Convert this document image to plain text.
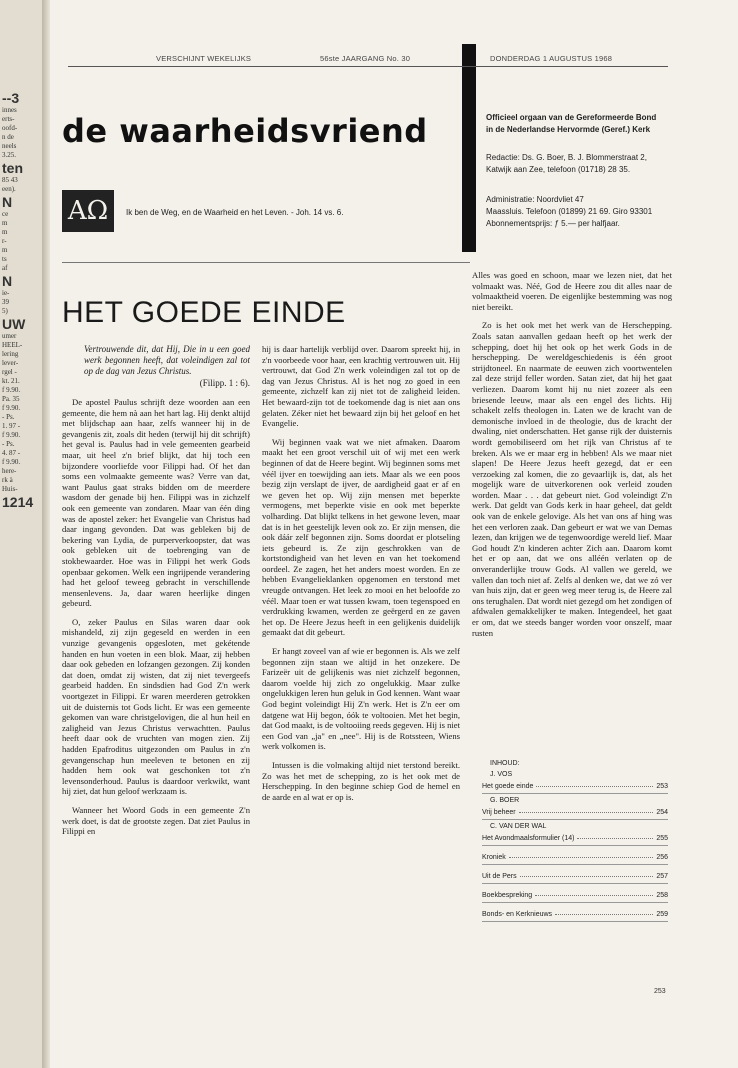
--3
innes
erts-
oofd-
n de
neels
3.25.
ten
85 43
een).
N
ce
m
m
r-
m
ts
af
N
ie-
39
5)
UW
umer
HEEL-
lering
lever-
rgel -
kt. 21.
f 9.90.
Pa. 35
f 9.90.
- Ps.
1. 97 -
f 9.90.
- Ps.
4. 87 -
f 9.90.
here-
rk à
Huis-
1214
VERSCHIJNT WEKELIJKS	56ste JAARGANG No. 30	DONDERDAG 1 AUGUSTUS 1968
de waarheidsvriend	Officieel orgaan van de Gereformeerde Bond
in de Nederlandse Hervormde (Geref.) Kerk
Redactie: Ds. G. Boer, B. J. Blommerstraat 2,
Katwijk aan Zee, telefoon (01718) 28 35.
Administratie: Noordvliet 47
Maassluis. Telefoon (01899) 21 69. Giro 93301
Abonnementsprijs: ƒ 5.— per halfjaar.
AΩ	Ik ben de Weg, en de Waarheid en het Leven. - Joh. 14 vs. 6.
HET GOEDE EINDE
Vertrouwende dit, dat Hij, Die in u een goed werk begonnen heeft, dat voleindigen zal tot op de dag van Jezus Christus.
(Filipp. 1 : 6).

De apostel Paulus schrijft deze woorden aan een gemeente, die hem nà aan het hart lag. Hij denkt altijd met blijdschap aan haar, zelfs wanneer hij in de gevangenis zit, zoals dit heden (terwijl hij dit schrijft) het geval is. Paulus had in vele gemeenten gearbeid maar, uit heel z'n brief blijkt, dat hij toch een bijzondere voorliefde voor Filippi had. Of het dan soms een volmaakte gemeente was? Verre van dat, want Paulus gaat straks bidden om de meerdere wasdom der genade bij hen. Filippi was in zichzelf ook een gemeente van zondaren. Maar van één ding was de apostel zeker: het Evangelie van Christus had daar ingang gevonden. Dat was gebleken bij de bekering van Lydia, de purperverkoopster, dat was ook gebleken uit de toebrenging van de stokbewaarder. Hoe was in Filippi het werk Gods openbaar gekomen. Welk een ingrijpende verandering had het geloof teweeg gebracht in verschillende mensenlevens. Ja, daar waren heerlijke dingen gebeurd.

O, zeker Paulus en Silas waren daar ook mishandeld, zij zijn gegeseld en werden in een vunzige gevangenis opgesloten, met gekétende handen en hun voeten in een blok. Maar, zij hebben daar ook gebeden en lofzangen gezongen. Zij konden dat doen, omdat zij wisten, dat zij niet tevergeefs gearbeid hadden. En sindsdien had God Z'n werk voortgezet in Filippi. Er waren meerderen getrokken uit de duisternis tot Gods licht. Er was een gemeente gekomen van ware christgelovigen, die al hun heil en zaligheid van Jezus Christus verwachtten. Paulus heeft daar ook de vruchten van mogen zien. Zij hadden Epafroditus uitgezonden om Paulus in z'n gevangenschap hun meeleven te betonen en zij hadden hem ook wat geschonken tot z'n levensonderhoud. Paulus is daardoor verkwikt, want hij ziet, dat hun geloof werkzaam is.

Wanneer het Woord Gods in een gemeente Z'n werk doet, is dat de grootste zegen. Dat ziet Paulus in Filippi en

hij is daar hartelijk verblijd over. Daarom spreekt hij, in z'n voorbeede voor haar, een krachtig vertrouwen uit. Hij vertrouwt, dat God Z'n werk voleindigen zal tot op de dag van Jezus Christus. Al is het nog zo goed in een gemeente, zichzelf kan zij niet tot de zaligheid leiden. Het bewaard-zijn tot de toekomende dag is niet aan ons gelaten. Zéker niet het bewaard zijn bij het geloof en het Evangelie.

Wij beginnen vaak wat we niet afmaken. Daarom maakt het een groot verschil uit of wij met een werk beginnen of dat de Heere begint. Wij beginnen soms met véél ijver en toewijding aan iets. Maar als we een poos bezig zijn verslapt de ijver, de aardigheid gaat er af en we geven het op. Wij zijn mensen met beperkte vermogens, met beperkte visie en ook met beperkte volharding. Dat blijkt telkens in het gewone leven, maar dat is in het geestelijk leven ook zo. Er zijn mensen, die ook dáár zelf begonnen zijn. Soms doordat er plotseling iets gebeurd is. Ze zijn geschrokken van de kortstondigheid van het leven en van het toekomend oordeel. Ze zagen, het het anders moest worden. En ze hebben Evangelieklanken opgenomen en terstond met vreugde ontvangen. Het leek zo mooi en het beloofde zo véél. Maar toen er wat tussen kwam, toen tegenspoed en verdrukking kwamen, werden ze geërgerd en ze gaven het op. De Heere Jezus heeft in een gelijkenis duidelijk gemaakt dat dit gebeurt.

Er hangt zoveel van af wie er begonnen is. Als we zelf begonnen zijn staan we altijd in het onzekere. De Farizeër uit de gelijkenis was niet zichzelf begonnen, daarom voelde hij zich zo ongelukkig. Maar zulke ongelukkigen leren hun geluk in God kennen. Want waar God begint voleindigt Hij Z'n werk. Het is Z'n eer om datgene wat Hij begon, óók te voltooien. Met het begin, dat God maakt, is de voltooiing reeds gegeven. Hij is niet een God van „ja" en „nee". Hij is de Rotssteen, Wiens werk volkomen is.

Intussen is die volmaking altijd niet terstond bereikt. Zo was het met de schepping, zo is het ook met de Herschepping. In den beginne schiep God de hemel en de aarde en al wat er op is.

Alles was goed en schoon, maar we lezen niet, dat het volmaakt was. Néé, God de Heere zou dit alles naar de volmaaktheid voeren. De eigenlijke bestemming was nog niet bereikt.

Zo is het ook met het werk van de Herschepping. Zoals satan aanvallen gedaan heeft op het werk der schepping, doet hij het ook op het werk Gods in de herschepping. De wereldgeschiedenis is één groot strijdtoneel. En naarmate de eeuwen zich voortwentelen zal deze strijd feller worden. Satan ziet, dat hij het gaat verliezen. Daarom komt hij nu niet zozeer als een briesende leeuw, maar als een engel des lichts. Hij schakelt zelfs theologen in. Laten we de kracht van de demonische invloed in de theologie, dus de kracht der dwaling, niet onderschatten. Het ganse rijk der duisternis wordt gemobiliseerd om het rijk van Christus af te breken. Als we er maar erg in hebben! Als we maar niet slapen! De Heere Jezus heeft gezegd, dat er een verzoeking zal komen, die zo gevaarlijk is, dat, als het mogelijk ware de uitverkorenen ook verleid zouden worden. Maar . . . dat gebeurt niet. God voleindigt Z'n werk. Dat geldt van Gods kerk in haar geheel, dat geldt ook van de enkele gelovige. Als het van ons af hing was het een verloren zaak. Dan gebeurt er wat we van Demas lezen, dan krijgen we de tegenwoordige wereld lief. Maar God houdt Z'n kinderen achter Zich aan. Daarom komt het er op aan, dat we ons alléén verlaten op de onveranderlijke trouw Gods. Al vallen we gereld, we vallen dan toch niet af. Zelfs al denken we, dat we zó ver van huis zijn, dat er geen weg meer terug is, de Heere zal ons terughalen. Dat wordt niet gezegd om het zondigen of afdwalen gemakkelijker te maken. Integendeel, het gaat er om, dat we steeds banger worden voor onszelf, maar rusten

INHOUD:
J. VOS
Het goede einde	253
G. BOER
Vrij beheer	254
C. VAN DER WAL
Het Avondmaalsformulier (14)	255
Kroniek	256
Uit de Pers	257
Boekbespreking	258
Bonds- en Kerknieuws	259
253
